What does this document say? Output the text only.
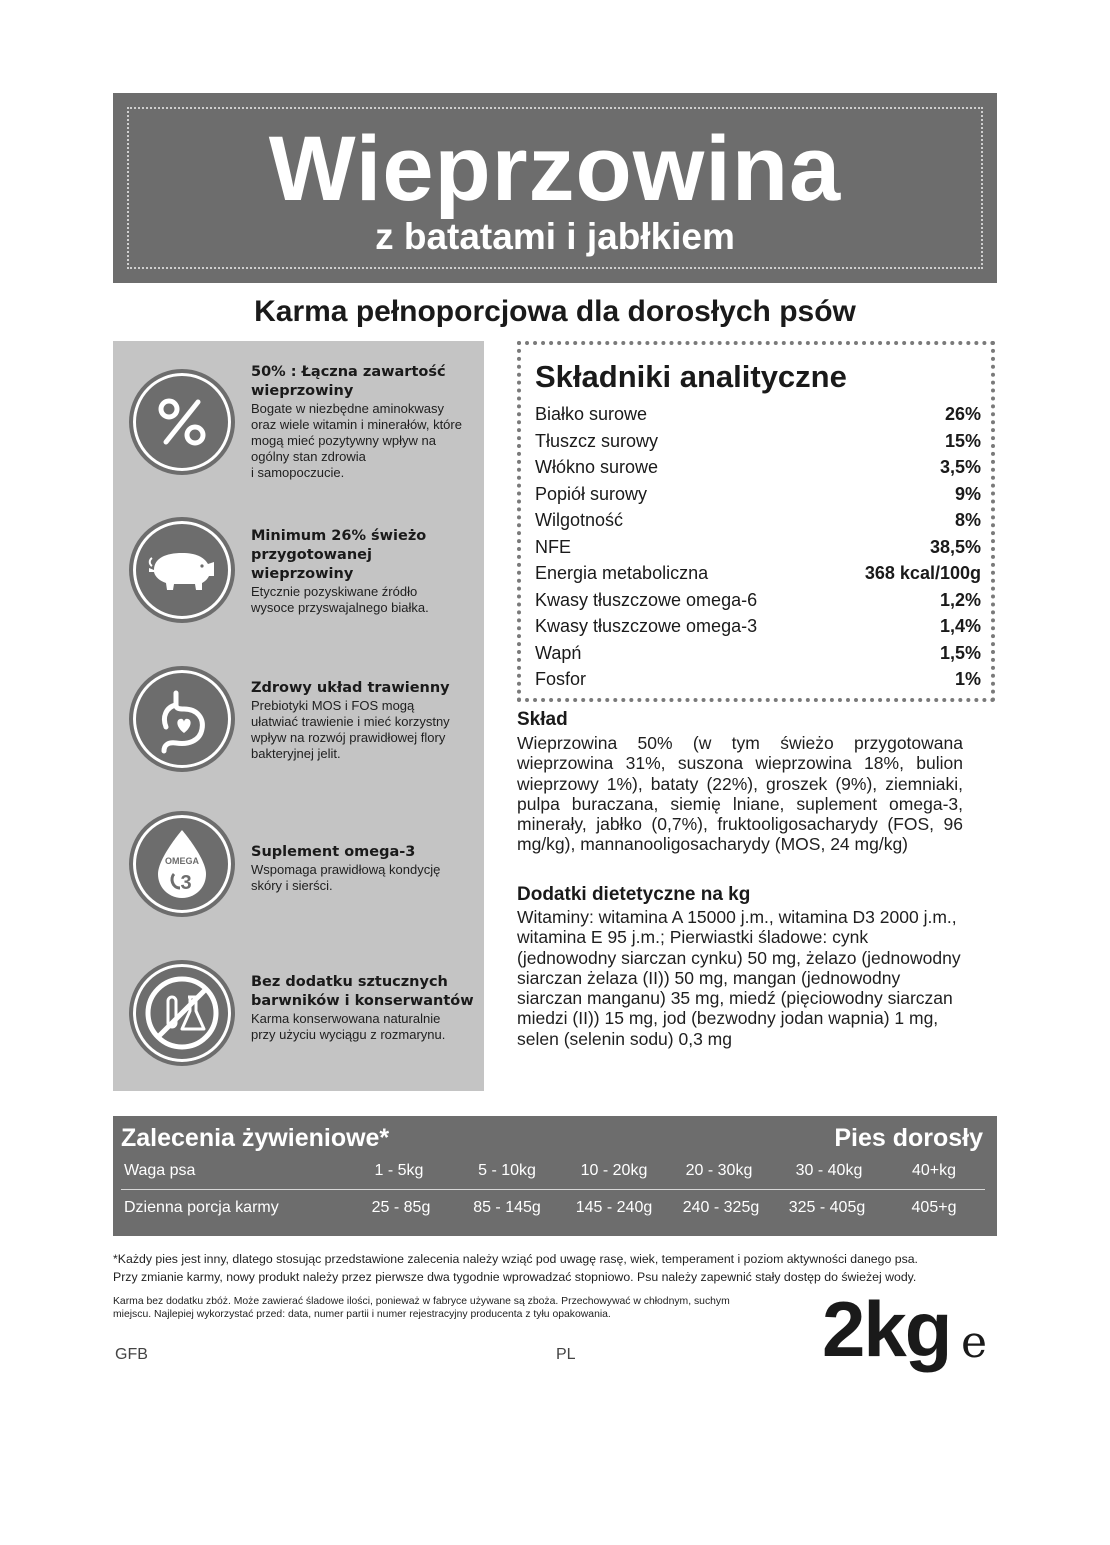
Wieprzowina
z batatami i jabłkiem
Karma pełnoporcjowa dla dorosłych psów
50% : Łączna zawartość wieprzowiny
Bogate w niezbędne aminokwasy
oraz wiele witamin i minerałów, które
mogą mieć pozytywny wpływ na
ogólny stan zdrowia
i samopoczucie.
Minimum 26% świeżo przygotowanej wieprzowiny
Etycznie pozyskiwane źródło
wysoce przyswajalnego białka.
Zdrowy układ trawienny
Prebiotyki MOS i FOS mogą
ułatwiać trawienie i mieć korzystny
wpływ na rozwój prawidłowej flory
bakteryjnej jelit.
OMEGA
3
Suplement omega-3
Wspomaga prawidłową kondycję
skóry i sierści.
Bez dodatku sztucznych barwników i konserwantów
Karma konserwowana naturalnie
przy użyciu wyciągu z rozmarynu.
Składniki analityczne
Białko surowe	26%
Tłuszcz surowy	15%
Włókno surowe	3,5%
Popiół surowy	9%
Wilgotność	8%
NFE	38,5%
Energia metaboliczna	368 kcal/100g
Kwasy tłuszczowe omega-6	1,2%
Kwasy tłuszczowe omega-3	1,4%
Wapń	1,5%
Fosfor	1%
Skład
Wieprzowina 50% (w tym świeżo przygotowana wieprzowina 31%, suszona wieprzowina 18%, bulion wieprzowy 1%), bataty (22%), groszek (9%), ziemniaki, pulpa buraczana, siemię lniane, suplement omega-3, minerały, jabłko (0,7%), fruktooligosacharydy (FOS, 96 mg/kg), mannanooligosacharydy (MOS, 24 mg/kg)
Dodatki dietetyczne na kg
Witaminy: witamina A 15000 j.m., witamina D3 2000 j.m., witamina E 95 j.m.; Pierwiastki śladowe: cynk (jednowodny siarczan cynku) 50 mg, żelazo (jednowodny siarczan żelaza (II)) 50 mg, mangan (jednowodny siarczan manganu) 35 mg, miedź (pięciowodny siarczan miedzi (II)) 15 mg, jod (bezwodny jodan wapnia) 1 mg, selen (selenin sodu) 0,3 mg
Zalecenia żywieniowe*	Pies dorosły
Waga psa	1 - 5kg	5 - 10kg	10 - 20kg	20 - 30kg	30 - 40kg	40+kg
Dzienna porcja karmy	25 - 85g	85 - 145g	145 - 240g	240 - 325g	325 - 405g	405+g
*Każdy pies jest inny, dlatego stosując przedstawione zalecenia należy wziąć pod uwagę rasę, wiek, temperament i poziom aktywności danego psa.
Przy zmianie karmy, nowy produkt należy przez pierwsze dwa tygodnie wprowadzać stopniowo. Psu należy zapewnić stały dostęp do świeżej wody.
Karma bez dodatku zbóż. Może zawierać śladowe ilości, ponieważ w fabryce używane są zboża. Przechowywać w chłodnym, suchym
miejscu. Najlepiej wykorzystać przed: data, numer partii i numer rejestracyjny producenta z tyłu opakowania.	2kg e
GFB	PL
